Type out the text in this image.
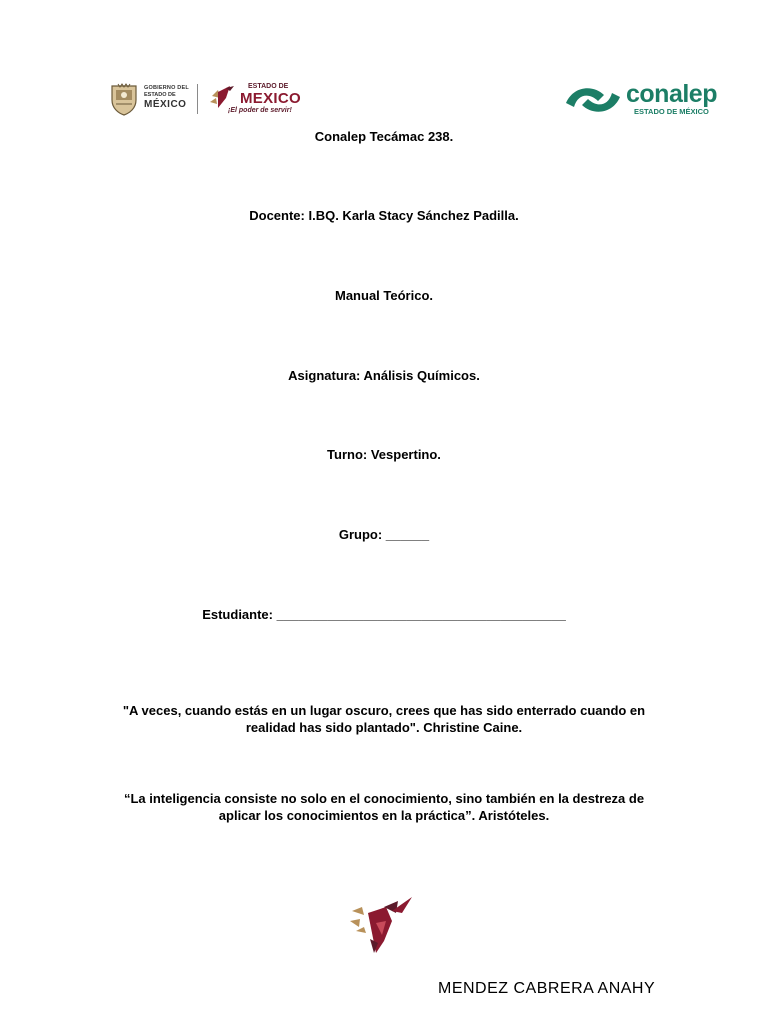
GOBIERNO DEL
ESTADO DE
MÉXICO
ESTADO DE
MEXICO
¡El poder de servir!
conalep
ESTADO DE MÉXICO
Conalep Tecámac 238.
Docente: I.BQ. Karla Stacy Sánchez Padilla.
Manual Teórico.
Asignatura: Análisis Químicos.
Turno: Vespertino.
Grupo: ______
Estudiante: ________________________________________
"A veces, cuando estás en un lugar oscuro, crees que has sido enterrado cuando en realidad has sido plantado". Christine Caine.
“La inteligencia consiste no solo en el conocimiento, sino también en la destreza de aplicar los conocimientos en la práctica”. Aristóteles.
MENDEZ CABRERA ANAHY
